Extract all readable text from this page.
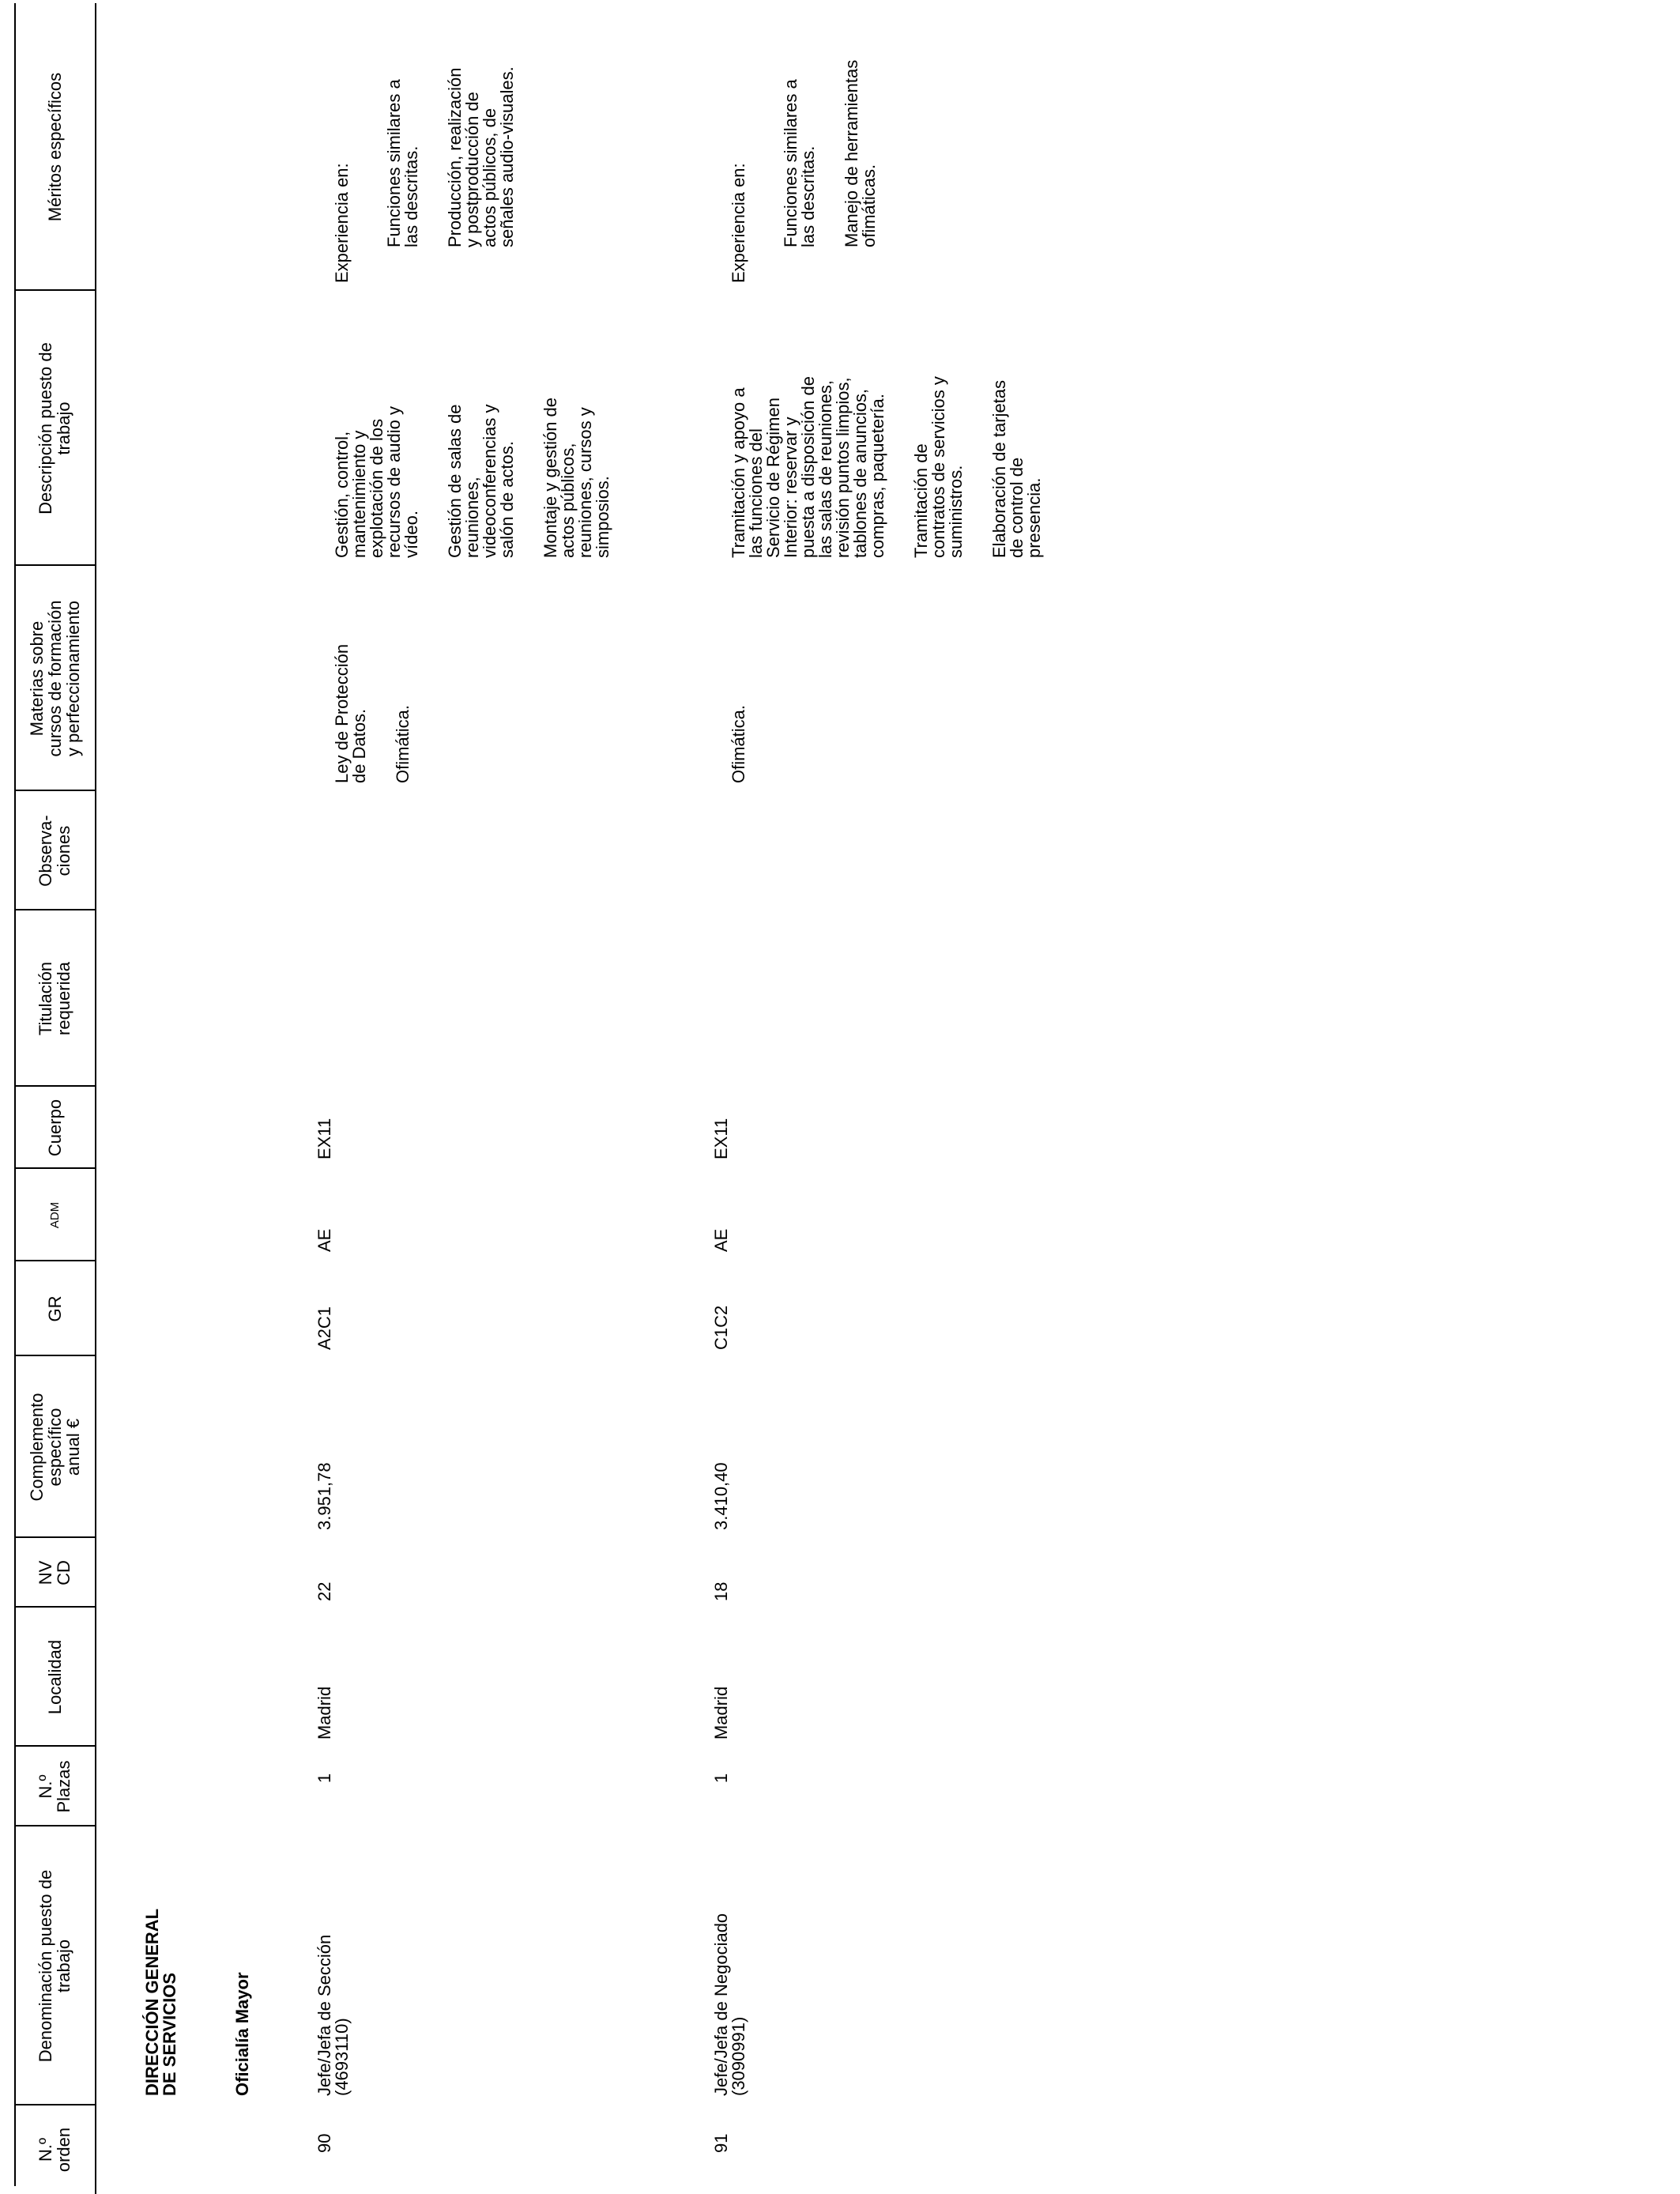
N.º
orden
Denominación puesto de
trabajo
N.º
Plazas
Localidad
NV
CD
Complemento
específico
anual €
GR
ADM
Cuerpo
Titulación
requerida
Observa-
ciones
Materias sobre
cursos de formación
y perfeccionamiento
Descripción puesto de
trabajo
Méritos específicos
DIRECCIÓN GENERAL
DE SERVICIOS	Oficialía Mayor
90
Jefe/Jefa de Sección
(4693110)
1
Madrid
22
3.951,78
A2C1
AE
EX11

Ley de Protección
de Datos. Ofimática.

Gestión, control,
mantenimiento y
explotación de los
recursos de audio y
vídeo. Gestión de salas de
reuniones,
videoconferencias y
salón de actos.

Montaje y gestión de
actos públicos,
reuniones, cursos y
simposios.

Experiencia en: Funciones similares a
las descritas. Producción, realización
y postproducción de
actos públicos, de
señales audio-visuales.

91
Jefe/Jefa de Negociado
(3090991)
1
Madrid
18
3.410,40
C1C2
AE
EX11

Ofimática.

Tramitación y apoyo a
las funciones del
Servicio de Régimen
Interior: reservar y
puesta a disposición de
las salas de reuniones,
revisión puntos limpios,
tablones de anuncios,
compras, paquetería.

Tramitación de
contratos de servicios y
suministros. Elaboración de tarjetas
de control de
presencia.

Experiencia en: Funciones similares a
las descritas. Manejo de herramientas
ofimáticas.
